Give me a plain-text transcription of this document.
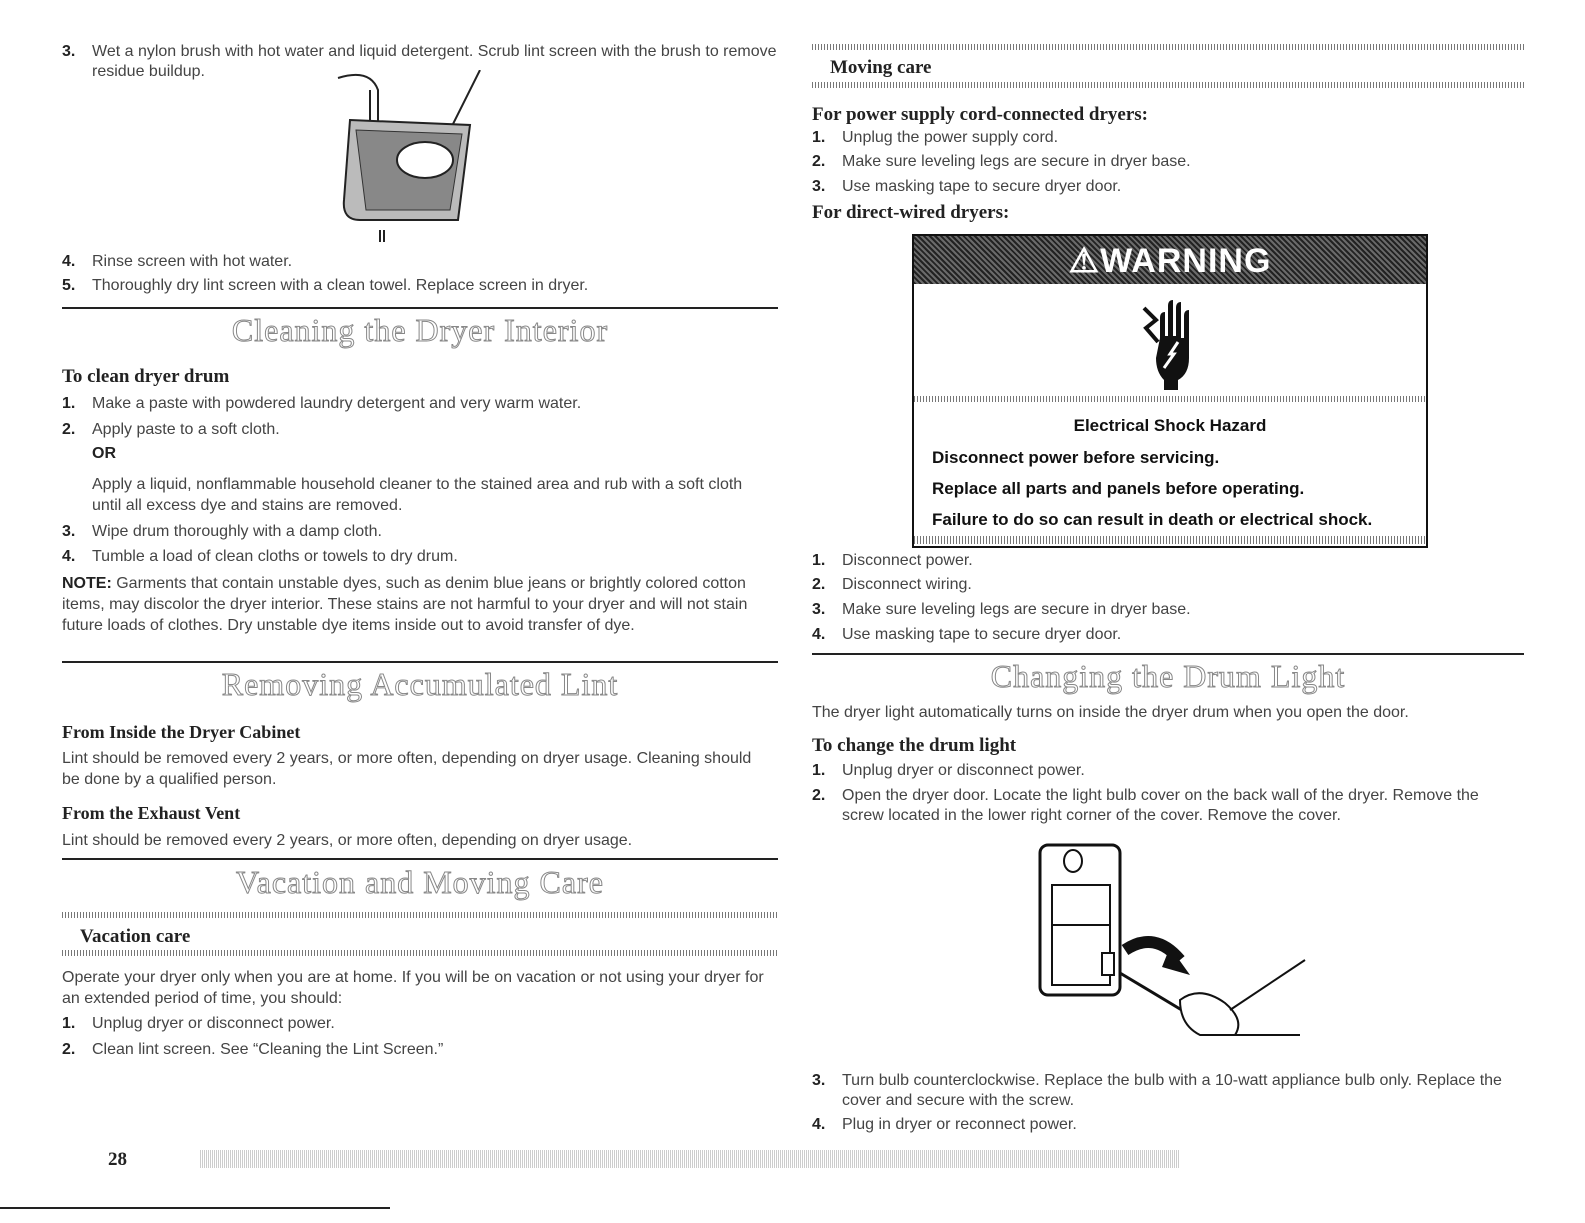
3. Wet a nylon brush with hot water and liquid detergent. Scrub lint screen with the brush to remove residue buildup.
4. Rinse screen with hot water.
5. Thoroughly dry lint screen with a clean towel. Replace screen in dryer.
Cleaning the Dryer Interior
To clean dryer drum
1. Make a paste with powdered laundry detergent and very warm water.
2. Apply paste to a soft cloth.
OR
Apply a liquid, nonflammable household cleaner to the stained area and rub with a soft cloth until all excess dye and stains are removed.
3. Wipe drum thoroughly with a damp cloth.
4. Tumble a load of clean cloths or towels to dry drum.
NOTE: Garments that contain unstable dyes, such as denim blue jeans or brightly colored cotton items, may discolor the dryer interior. These stains are not harmful to your dryer and will not stain future loads of clothes. Dry unstable dye items inside out to avoid transfer of dye.
Removing Accumulated Lint
From Inside the Dryer Cabinet
Lint should be removed every 2 years, or more often, depending on dryer usage. Cleaning should be done by a qualified person.
From the Exhaust Vent
Lint should be removed every 2 years, or more often, depending on dryer usage.
Vacation and Moving Care
Vacation care
Operate your dryer only when you are at home. If you will be on vacation or not using your dryer for an extended period of time, you should:
1. Unplug dryer or disconnect power.
2. Clean lint screen. See “Cleaning the Lint Screen.”
28
Moving care
For power supply cord-connected dryers:
1. Unplug the power supply cord.
2. Make sure leveling legs are secure in dryer base.
3. Use masking tape to secure dryer door.
For direct-wired dryers:
⚠WARNING
Electrical Shock Hazard
Disconnect power before servicing.
Replace all parts and panels before operating.
Failure to do so can result in death or electrical shock.
1. Disconnect power.
2. Disconnect wiring.
3. Make sure leveling legs are secure in dryer base.
4. Use masking tape to secure dryer door.
Changing the Drum Light
The dryer light automatically turns on inside the dryer drum when you open the door.
To change the drum light
1. Unplug dryer or disconnect power.
2. Open the dryer door. Locate the light bulb cover on the back wall of the dryer. Remove the screw located in the lower right corner of the cover. Remove the cover.
3. Turn bulb counterclockwise. Replace the bulb with a 10-watt appliance bulb only. Replace the cover and secure with the screw.
4. Plug in dryer or reconnect power.
